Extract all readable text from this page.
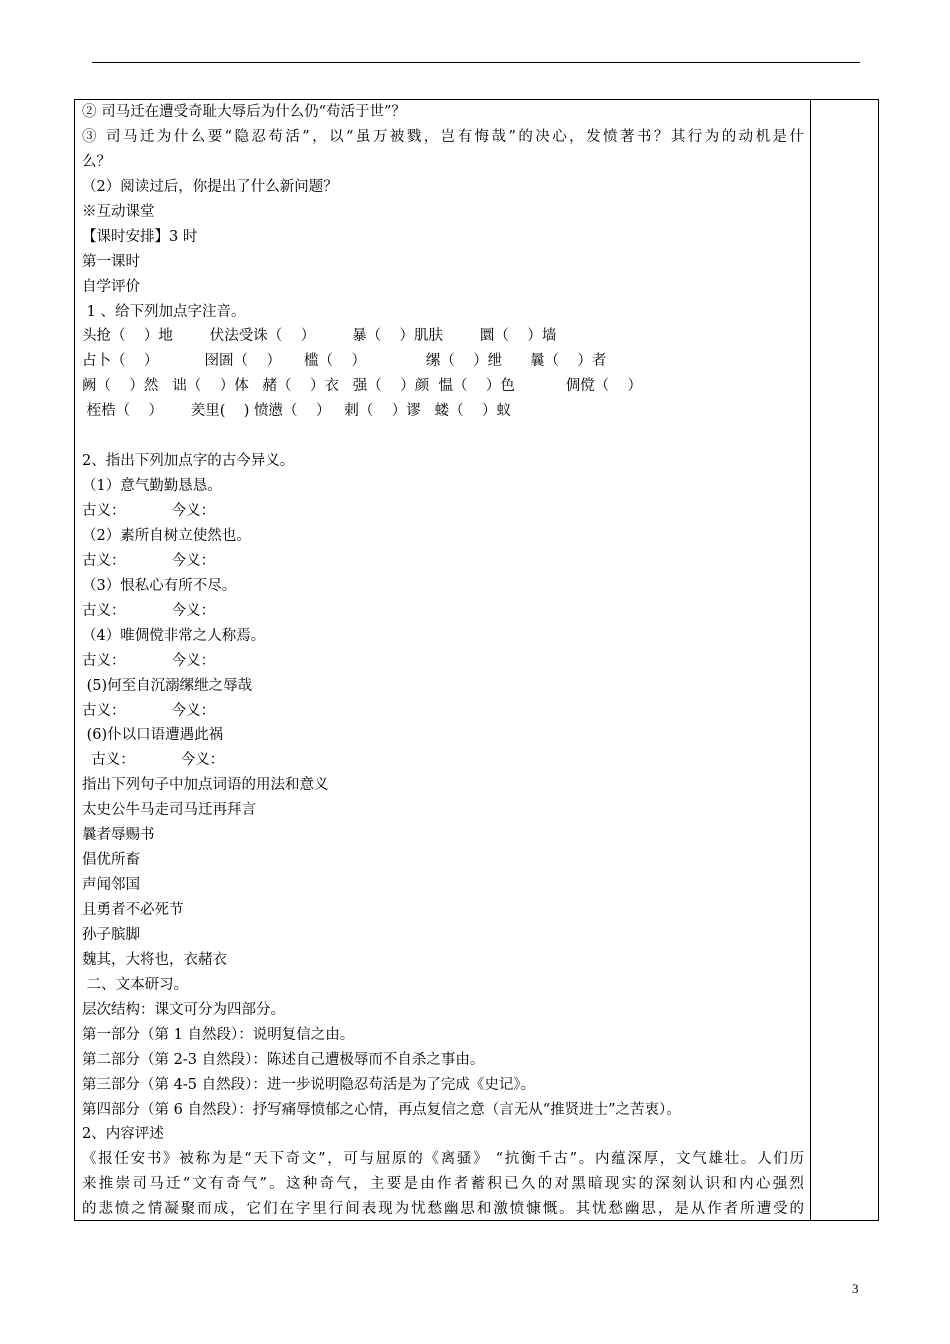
② 司马迁在遭受奇耻大辱后为什么仍“苟活于世”？
③ 司马迁为什么要“隐忍苟活”，以“虽万被戮，岂有悔哉”的决心，发愤著书？其行为的动机是什
么？
（2）阅读过后，你提出了什么新问题？
※互动课堂
【课时安排】3 时
第一课时
自学评价
1 、给下列加点字注音。
头抢（    ）地        伏法受诛（    ）        暴（    ）肌肤        圜（    ）墙
占卜（    ）          囹圄（    ）     槛（    ）             缧（    ）绁      曩（    ）者
阙（    ）然   诎（    ）体   赭（    ）衣   强（    ）颜  愠（    ）色           倜傥（    ）
桎梏（    ）      羑里(    ) 愤懑（    ）   剌（    ）谬   蝼（    ）蚁
2、指出下列加点字的古今异义。
（1）意气勤勤恳恳。
古义：          今义：
（2）素所自树立使然也。
古义：          今义：
（3）恨私心有所不尽。
古义：          今义：
（4）唯倜傥非常之人称焉。
古义：          今义：
(5)何至自沉溺缧绁之辱哉
古义：          今义：
(6)仆以口语遭遇此祸
古义：          今义：
指出下列句子中加点词语的用法和意义
太史公牛马走司马迁再拜言
曩者辱赐书
倡优所畜
声闻邻国
且勇者不必死节
孙子膑脚
魏其，大将也，衣赭衣
二、文本研习。
层次结构：课文可分为四部分。
第一部分（第 1 自然段）：说明复信之由。
第二部分（第 2-3 自然段）：陈述自己遭极辱而不自杀之事由。
第三部分（第 4-5 自然段）：进一步说明隐忍苟活是为了完成《史记》。
第四部分（第 6 自然段）：抒写痛辱愤郁之心情，再点复信之意（言无从“推贤进士”之苦衷）。
2、内容评述
《报任安书》被称为是“天下奇文”，可与屈原的《离骚》 “抗衡千古”。内蕴深厚，文气雄壮。人们历
来推崇司马迁“文有奇气”。这种奇气，主要是由作者蓄积已久的对黑暗现实的深刻认识和内心强烈
的悲愤之情凝聚而成，它们在字里行间表现为忧愁幽思和激愤慷慨。其忧愁幽思，是从作者所遭受的
3
